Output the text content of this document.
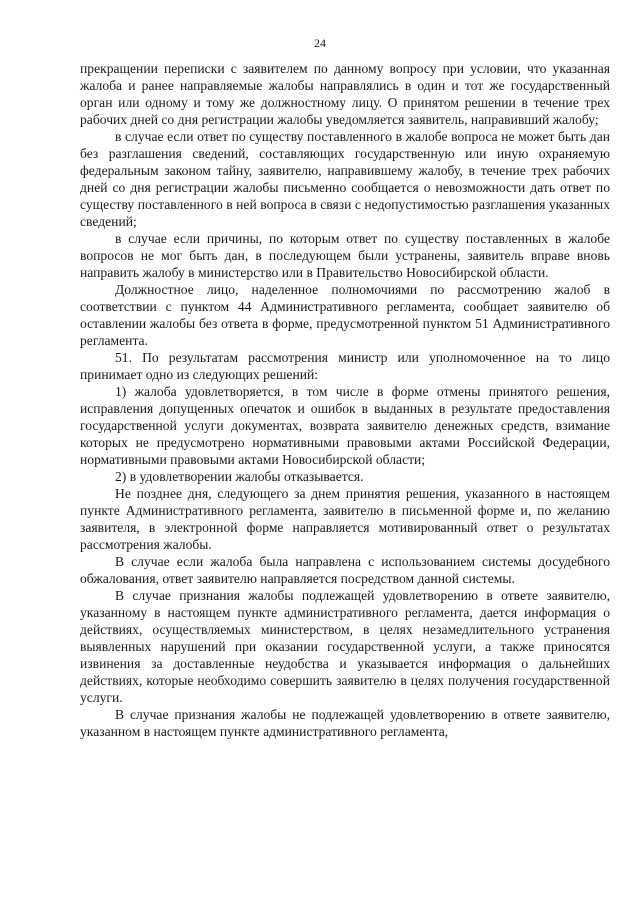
24

прекращении переписки с заявителем по данному вопросу при условии, что указанная жалоба и ранее направляемые жалобы направлялись в один и тот же государственный орган или одному и тому же должностному лицу. О принятом решении в течение трех рабочих дней со дня регистрации жалобы уведомляется заявитель, направивший жалобу;

в случае если ответ по существу поставленного в жалобе вопроса не может быть дан без разглашения сведений, составляющих государственную или иную охраняемую федеральным законом тайну, заявителю, направившему жалобу, в течение трех рабочих дней со дня регистрации жалобы письменно сообщается о невозможности дать ответ по существу поставленного в ней вопроса в связи с недопустимостью разглашения указанных сведений;

в случае если причины, по которым ответ по существу поставленных в жалобе вопросов не мог быть дан, в последующем были устранены, заявитель вправе вновь направить жалобу в министерство или в Правительство Новосибирской области.

Должностное лицо, наделенное полномочиями по рассмотрению жалоб в соответствии с пунктом 44 Административного регламента, сообщает заявителю об оставлении жалобы без ответа в форме, предусмотренной пунктом 51 Административного регламента.

51. По результатам рассмотрения министр или уполномоченное на то лицо принимает одно из следующих решений:

1) жалоба удовлетворяется, в том числе в форме отмены принятого решения, исправления допущенных опечаток и ошибок в выданных в результате предоставления государственной услуги документах, возврата заявителю денежных средств, взимание которых не предусмотрено нормативными правовыми актами Российской Федерации, нормативными правовыми актами Новосибирской области;

2) в удовлетворении жалобы отказывается.

Не позднее дня, следующего за днем принятия решения, указанного в настоящем пункте Административного регламента, заявителю в письменной форме и, по желанию заявителя, в электронной форме направляется мотивированный ответ о результатах рассмотрения жалобы.

В случае если жалоба была направлена с использованием системы досудебного обжалования, ответ заявителю направляется посредством данной системы.

В случае признания жалобы подлежащей удовлетворению в ответе заявителю, указанному в настоящем пункте административного регламента, дается информация о действиях, осуществляемых министерством, в целях незамедлительного устранения выявленных нарушений при оказании государственной услуги, а также приносятся извинения за доставленные неудобства и указывается информация о дальнейших действиях, которые необходимо совершить заявителю в целях получения государственной услуги.

В случае признания жалобы не подлежащей удовлетворению в ответе заявителю, указанном в настоящем пункте административного регламента,
